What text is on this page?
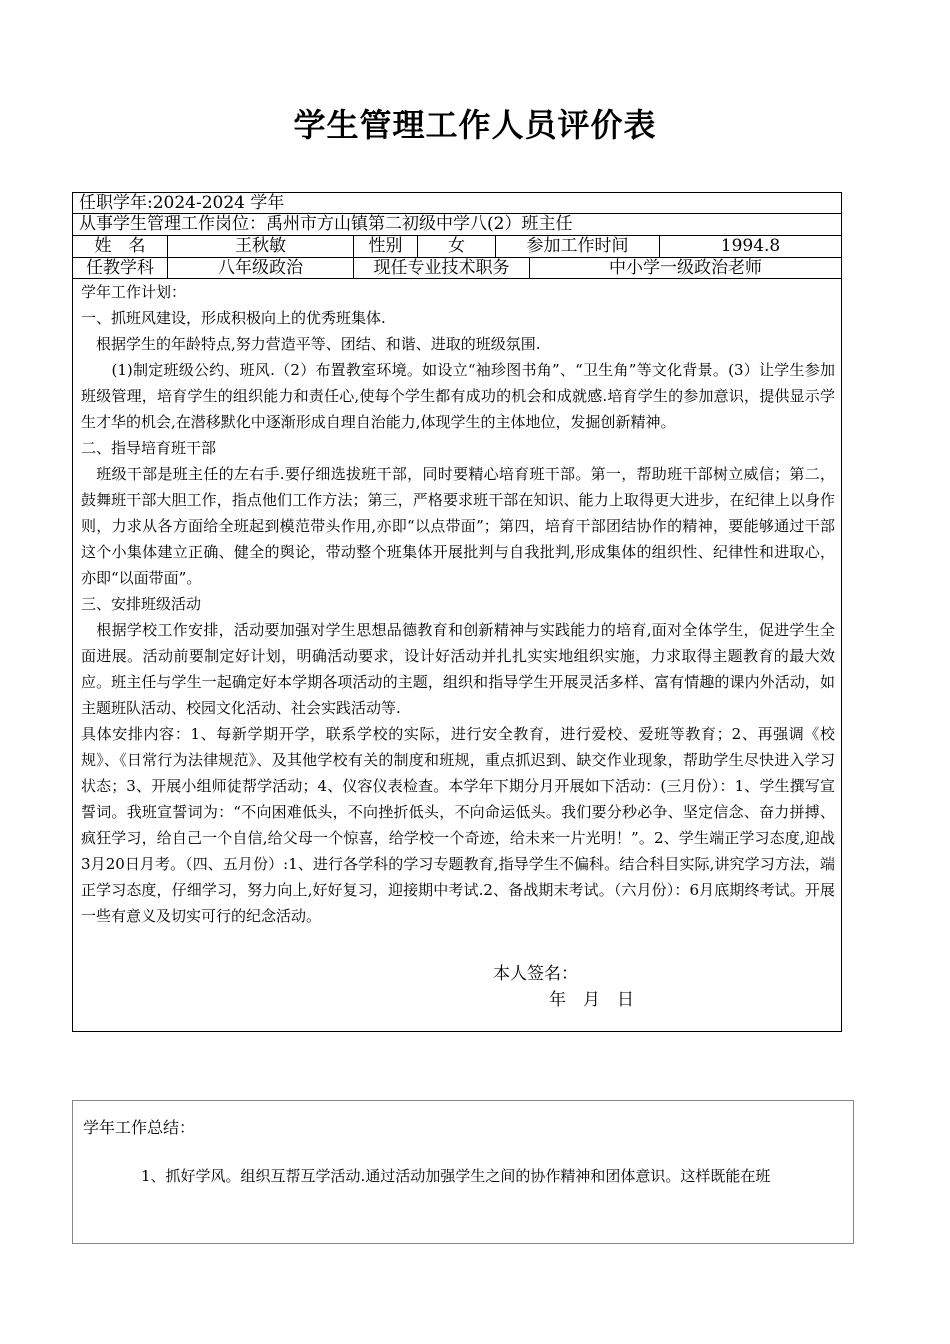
学生管理工作人员评价表
任职学年:2024-2024 学年
从事学生管理工作岗位：禹州市方山镇第二初级中学八(2）班主任
姓　名	王秋敏	性别	女	参加工作时间	1994.8
任教学科	八年级政治	现任专业技术职务	中小学一级政治老师

学年工作计划：

一、抓班风建设，形成积极向上的优秀班集体.

　根据学生的年龄特点,努力营造平等、团结、和谐、进取的班级氛围.

　　(1)制定班级公约、班风.（2）布置教室环境。如设立“袖珍图书角”、“卫生角”等文化背景。(3）让学生参加班级管理，培育学生的组织能力和责任心,使每个学生都有成功的机会和成就感.培育学生的参加意识，提供显示学生才华的机会,在潜移默化中逐渐形成自理自治能力,体现学生的主体地位，发掘创新精神。

二、指导培育班干部

　班级干部是班主任的左右手.要仔细选拔班干部，同时要精心培育班干部。第一，帮助班干部树立威信；第二，鼓舞班干部大胆工作，指点他们工作方法；第三，严格要求班干部在知识、能力上取得更大进步，在纪律上以身作则，力求从各方面给全班起到模范带头作用,亦即“以点带面”；第四，培育干部团结协作的精神，要能够通过干部这个小集体建立正确、健全的舆论，带动整个班集体开展批判与自我批判,形成集体的组织性、纪律性和进取心，亦即“以面带面”。

三、安排班级活动

　根据学校工作安排，活动要加强对学生思想品德教育和创新精神与实践能力的培育,面对全体学生，促进学生全面进展。活动前要制定好计划，明确活动要求，设计好活动并扎扎实实地组织实施，力求取得主题教育的最大效应。班主任与学生一起确定好本学期各项活动的主题，组织和指导学生开展灵活多样、富有情趣的课内外活动，如主题班队活动、校园文化活动、社会实践活动等.

具体安排内容：1、每新学期开学，联系学校的实际，进行安全教育，进行爱校、爱班等教育；2、再强调《校规》、《日常行为法律规范》、及其他学校有关的制度和班规，重点抓迟到、缺交作业现象，帮助学生尽快进入学习状态；3、开展小组师徒帮学活动；4、仪容仪表检查。本学年下期分月开展如下活动：(三月份）：1、学生撰写宣誓词。我班宣誓词为：“不向困难低头，不向挫折低头，不向命运低头。我们要分秒必争、坚定信念、奋力拼搏、疯狂学习，给自己一个自信,给父母一个惊喜，给学校一个奇迹，给未来一片光明！”。2、学生端正学习态度,迎战3月20日月考。（四、五月份）:1、进行各学科的学习专题教育,指导学生不偏科。结合科目实际,讲究学习方法，端正学习态度，仔细学习，努力向上,好好复习，迎接期中考试.2、备战期末考试。（六月份）：6月底期终考试。开展一些有意义及切实可行的纪念活动。

本人签名：
年　月　日
学年工作总结：
1、抓好学风。组织互帮互学活动.通过活动加强学生之间的协作精神和团体意识。这样既能在班
